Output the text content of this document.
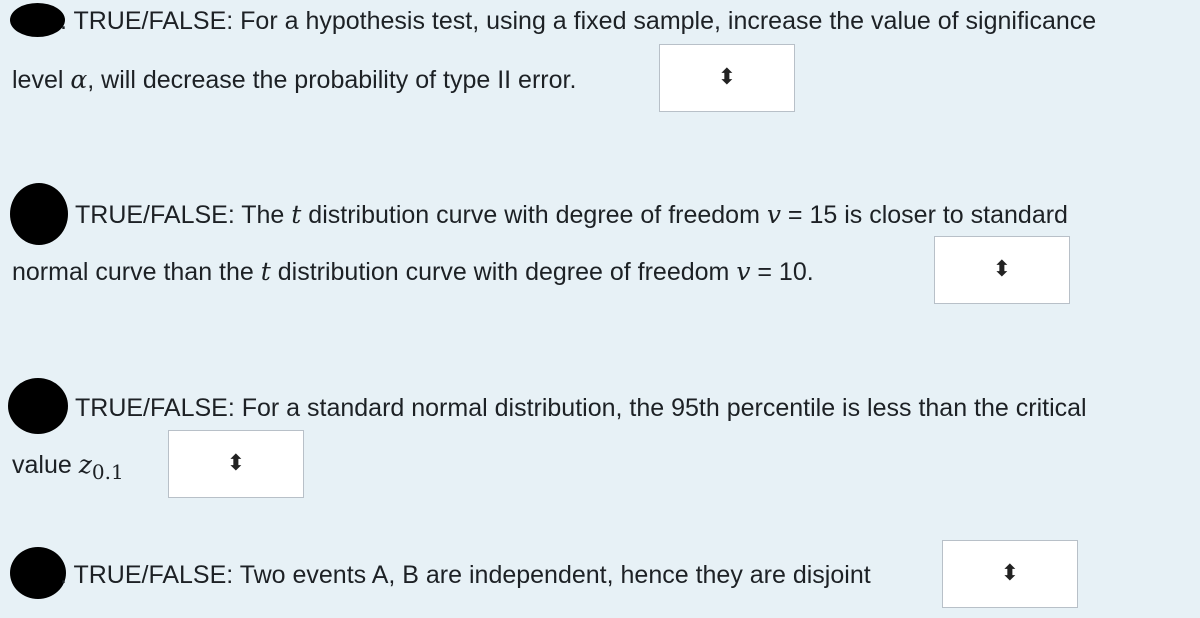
. TRUE/FALSE: For a hypothesis test, using a fixed sample, increase the value of significance
level α, will decrease the probability of type II error.	⬍
TRUE/FALSE: The t distribution curve with degree of freedom v = 15 is closer to standard
normal curve than the t distribution curve with degree of freedom v = 10.	⬍
TRUE/FALSE: For a standard normal distribution, the 95th percentile is less than the critical
value $z_{0.1}$	⬍
. TRUE/FALSE: Two events A, B are independent, hence they are disjoint	⬍
